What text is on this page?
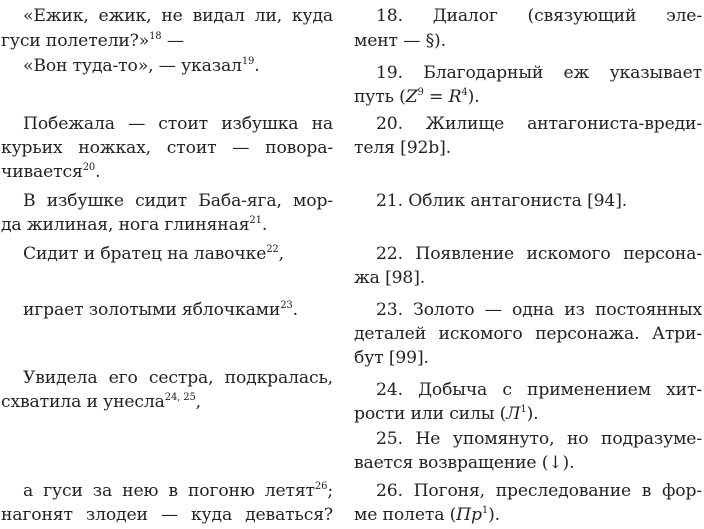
«Ежик, ежик, не видал ли, куда
гуси полетели?»$^{18}$ —
«Вон туда-то», — указал$^{19}$.
Побежала — стоит избушка на
курьих ножках, стоит — повора-
чивается$^{20}$.
В избушке сидит Баба-яга, мор-
да жилиная, нога глиняная$^{21}$.
Сидит и братец на лавочке$^{22}$,
играет золотыми яблочками$^{23}$.
Увидела его сестра, подкралась,
схватила и унесла$^{24, 25}$,
а гуси за нею в погоню летят$^{26}$;
нагонят злодеи — куда деваться?
18. Диалог (связующий эле-
мент — §).
19. Благодарный еж указывает
путь $(Z^9 = R^4)$.
20. Жилище антагониста-вреди-
теля [92b].
21. Облик антагониста [94].
22. Появление искомого персона-
жа [98].
23. Золото — одна из постоянных
деталей искомого персонажа. Атри-
бут [99].
24. Добыча с применением хит-
рости или силы $(Л^1)$.
25. Не упомянуто, но подразуме-
вается возвращение (↓).
26. Погоня, преследование в фор-
ме полета $(Пр^1)$.
